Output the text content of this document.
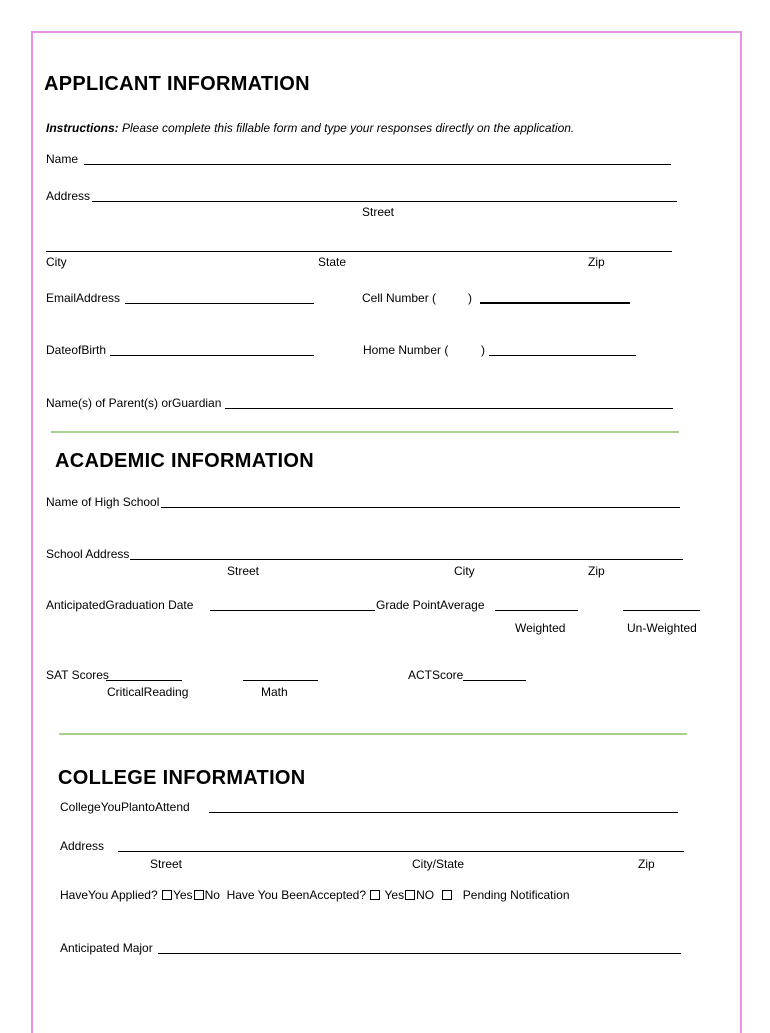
APPLICANT INFORMATION
Instructions: Please complete this fillable form and type your responses directly on the application.
Name
Address
Street
City	State	Zip
EmailAddress	Cell Number (	)
DateofBirth	Home Number (	)
Name(s) of Parent(s) orGuardian
ACADEMIC INFORMATION
Name of High School
School Address
Street	City	Zip
AnticipatedGraduation Date	Grade PointAverage
Weighted	Un-Weighted
SAT Scores
CriticalReading	Math
ACTScore
COLLEGE INFORMATION
CollegeYouPlantoAttend
Address
Street	City/State	Zip
HaveYou Applied? Yes No Have You BeenAccepted? Yes NO Pending Notification
Anticipated Major
